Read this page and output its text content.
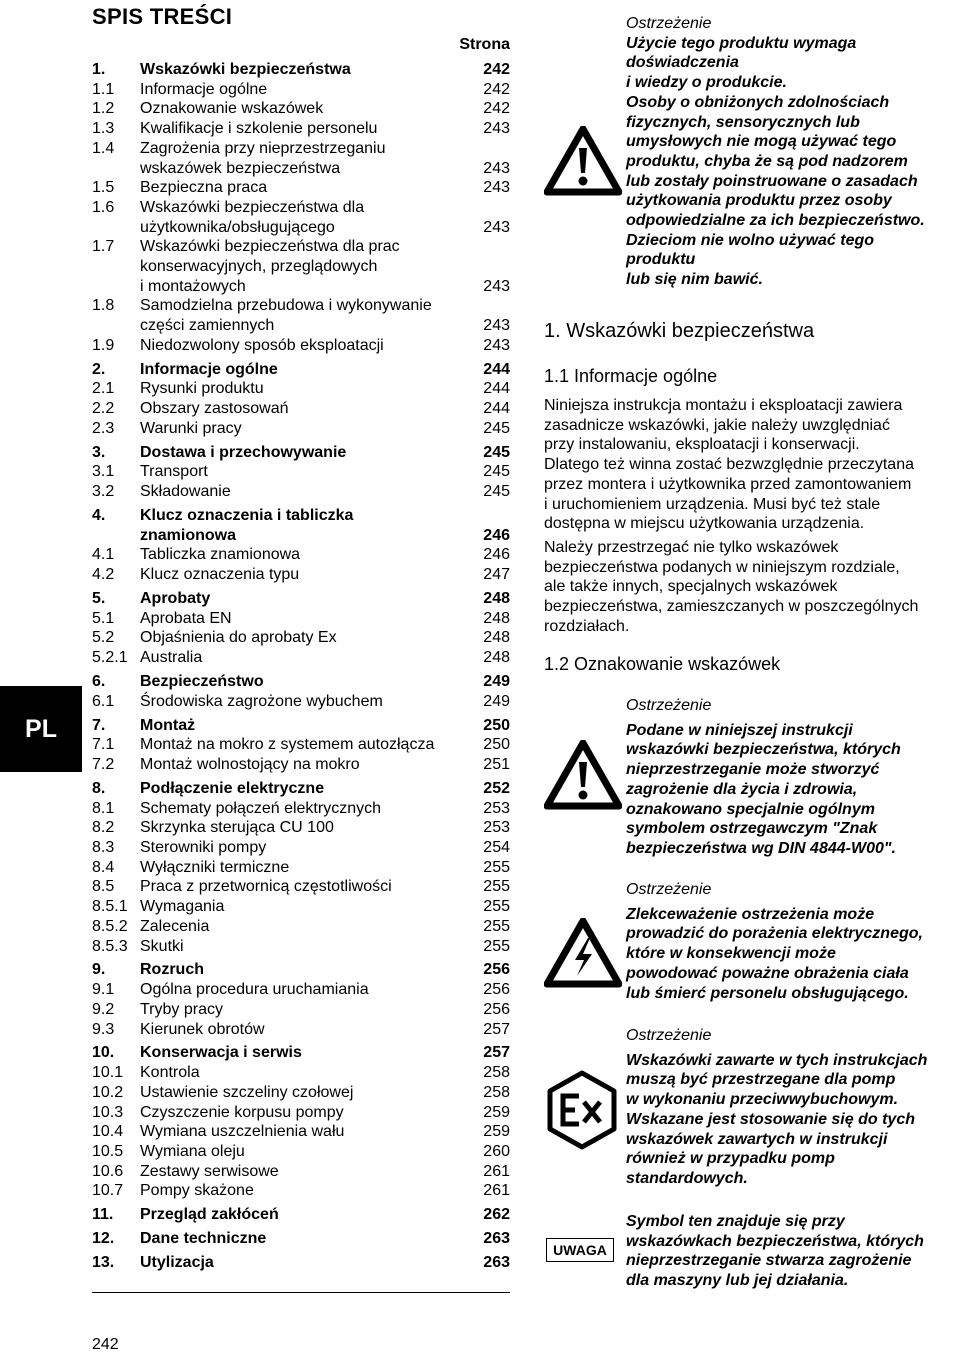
PL
SPIS TREŚCI
Strona
1.	Wskazówki bezpieczeństwa	242
1.1	Informacje ogólne	242
1.2	Oznakowanie wskazówek	242
1.3	Kwalifikacje i szkolenie personelu	243
1.4	Zagrożenia przy nieprzestrzeganiu
wskazówek bezpieczeństwa	243
1.5	Bezpieczna praca	243
1.6	Wskazówki bezpieczeństwa dla
użytkownika/obsługującego	243
1.7	Wskazówki bezpieczeństwa dla prac
konserwacyjnych, przeglądowych
i montażowych	243
1.8	Samodzielna przebudowa i wykonywanie
części zamiennych	243
1.9	Niedozwolony sposób eksploatacji	243
2.	Informacje ogólne	244
2.1	Rysunki produktu	244
2.2	Obszary zastosowań	244
2.3	Warunki pracy	245
3.	Dostawa i przechowywanie	245
3.1	Transport	245
3.2	Składowanie	245
4.	Klucz oznaczenia i tabliczka
znamionowa	246
4.1	Tabliczka znamionowa	246
4.2	Klucz oznaczenia typu	247
5.	Aprobaty	248
5.1	Aprobata EN	248
5.2	Objaśnienia do aprobaty Ex	248
5.2.1 Australia	248
6.	Bezpieczeństwo	249
6.1	Środowiska zagrożone wybuchem	249
7.	Montaż	250
7.1	Montaż na mokro z systemem autozłącza	250
7.2	Montaż wolnostojący na mokro	251
8.	Podłączenie elektryczne	252
8.1	Schematy połączeń elektrycznych	253
8.2	Skrzynka sterująca CU 100	253
8.3	Sterowniki pompy	254
8.4	Wyłączniki termiczne	255
8.5	Praca z przetwornicą częstotliwości	255
8.5.1 Wymagania	255
8.5.2 Zalecenia	255
8.5.3 Skutki	255
9.	Rozruch	256
9.1	Ogólna procedura uruchamiania	256
9.2	Tryby pracy	256
9.3	Kierunek obrotów	257
10.	Konserwacja i serwis	257
10.1	Kontrola	258
10.2	Ustawienie szczeliny czołowej	258
10.3	Czyszczenie korpusu pompy	259
10.4	Wymiana uszczelnienia wału	259
10.5	Wymiana oleju	260
10.6	Zestawy serwisowe	261
10.7	Pompy skażone	261
11.	Przegląd zakłóceń	262
12.	Dane techniczne	263
13.	Utylizacja	263
242
Ostrzeżenie
Użycie tego produktu wymaga
doświadczenia
i wiedzy o produkcie.
Osoby o obniżonych zdolnościach
fizycznych, sensorycznych lub
umysłowych nie mogą używać tego
produktu, chyba że są pod nadzorem
lub zostały poinstruowane o zasadach
użytkowania produktu przez osoby
odpowiedzialne za ich bezpieczeństwo.
Dzieciom nie wolno używać tego
produktu
lub się nim bawić.
1. Wskazówki bezpieczeństwa
1.1 Informacje ogólne
Niniejsza instrukcja montażu i eksploatacji zawiera
zasadnicze wskazówki, jakie należy uwzględniać
przy instalowaniu, eksploatacji i konserwacji.
Dlatego też winna zostać bezwzględnie przeczytana
przez montera i użytkownika przed zamontowaniem
i uruchomieniem urządzenia. Musi być też stale
dostępna w miejscu użytkowania urządzenia.
Należy przestrzegać nie tylko wskazówek
bezpieczeństwa podanych w niniejszym rozdziale,
ale także innych, specjalnych wskazówek
bezpieczeństwa, zamieszczanych w poszczególnych
rozdziałach.
1.2 Oznakowanie wskazówek
Ostrzeżenie
Podane w niniejszej instrukcji
wskazówki bezpieczeństwa, których
nieprzestrzeganie może stworzyć
zagrożenie dla życia i zdrowia,
oznakowano specjalnie ogólnym
symbolem ostrzegawczym "Znak
bezpieczeństwa wg DIN 4844-W00".
Ostrzeżenie
Zlekceważenie ostrzeżenia może
prowadzić do porażenia elektrycznego,
które w konsekwencji może
powodować poważne obrażenia ciała
lub śmierć personelu obsługującego.
Ostrzeżenie
Wskazówki zawarte w tych instrukcjach
muszą być przestrzegane dla pomp
w wykonaniu przeciwwybuchowym.
Wskazane jest stosowanie się do tych
wskazówek zawartych w instrukcji
również w przypadku pomp
standardowych.
UWAGA
Symbol ten znajduje się przy
wskazówkach bezpieczeństwa, których
nieprzestrzeganie stwarza zagrożenie
dla maszyny lub jej działania.
